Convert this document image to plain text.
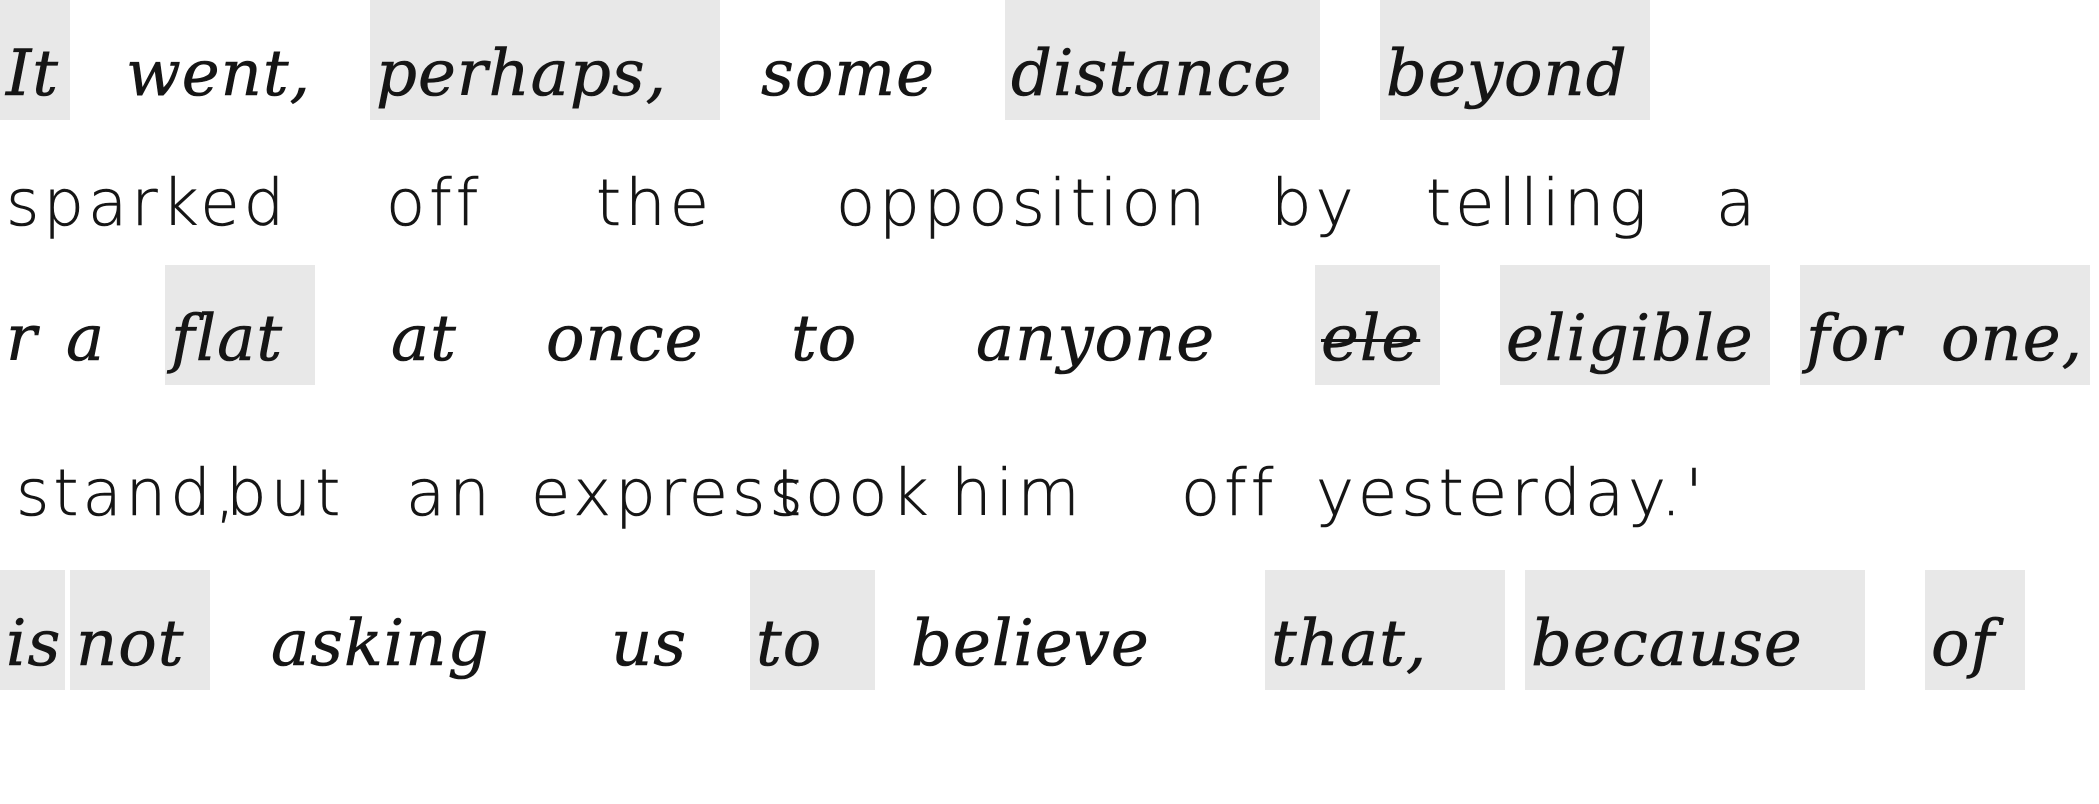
It went, perhaps, some distance beyond
sparked off the opposition by telling a
r a flat at once to anyone ele eligible for one,
stand,
but an express
took him off yesterday.'
is not asking us to believe that, because of
